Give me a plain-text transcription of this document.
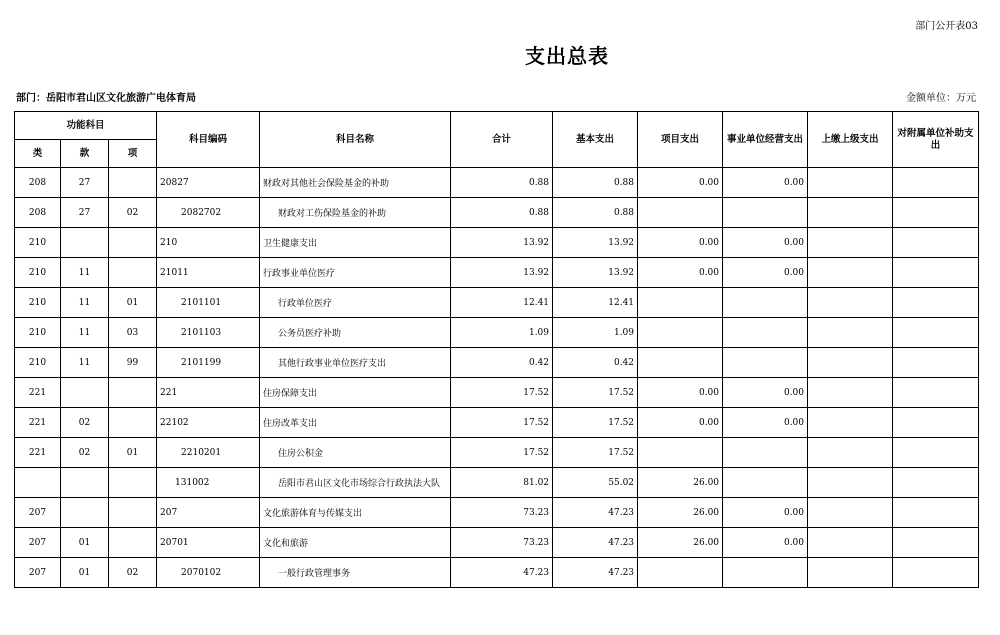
部门公开表03
支出总表
部门：岳阳市君山区文化旅游广电体育局	金额单位：万元
功能科目			科目编码	科目名称	合计	基本支出	项目支出	事业单位经营支出	上缴上级支出	对附属单位补助支出
类	款	项								
208	27		20827	财政对其他社会保险基金的补助	0.88	0.88	0.00	0.00		
208	27	02	2082702	财政对工伤保险基金的补助	0.88	0.88				
210			210	卫生健康支出	13.92	13.92	0.00	0.00		
210	11		21011	行政事业单位医疗	13.92	13.92	0.00	0.00		
210	11	01	2101101	行政单位医疗	12.41	12.41				
210	11	03	2101103	公务员医疗补助	1.09	1.09				
210	11	99	2101199	其他行政事业单位医疗支出	0.42	0.42				
221			221	住房保障支出	17.52	17.52	0.00	0.00		
221	02		22102	住房改革支出	17.52	17.52	0.00	0.00		
221	02	01	2210201	住房公积金	17.52	17.52				
			131002	岳阳市君山区文化市场综合行政执法大队	81.02	55.02	26.00			
207			207	文化旅游体育与传媒支出	73.23	47.23	26.00	0.00		
207	01		20701	文化和旅游	73.23	47.23	26.00	0.00		
207	01	02	2070102	一般行政管理事务	47.23	47.23				
